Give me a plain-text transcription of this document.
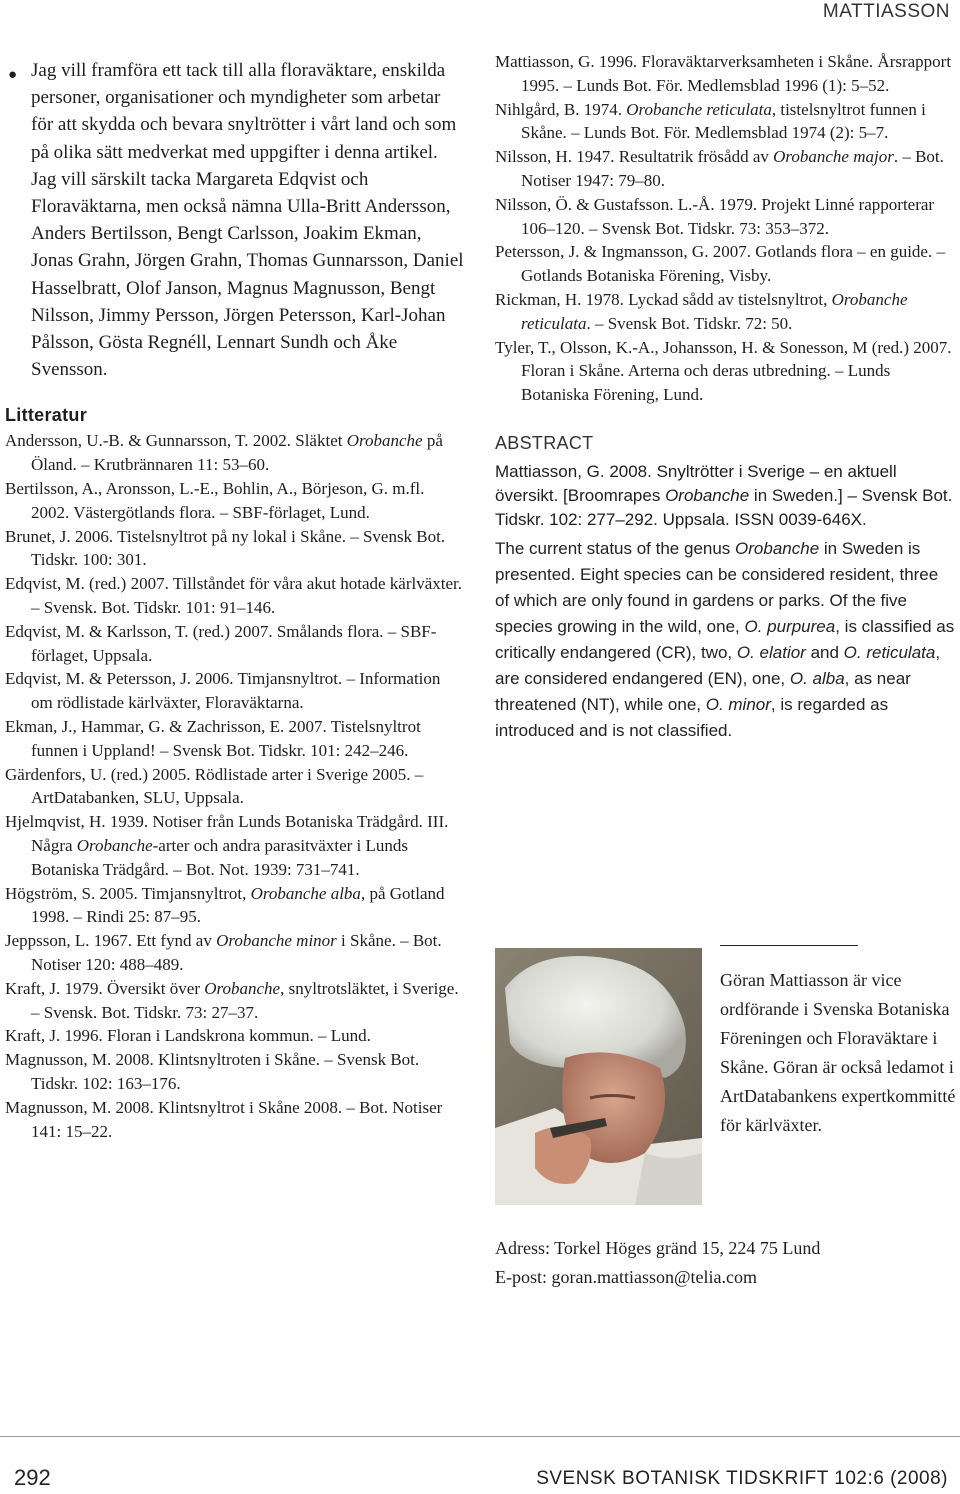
MATTIASSON
● Jag vill framföra ett tack till alla floraväktare, enskilda personer, organisationer och myndigheter som arbetar för att skydda och bevara snyltrötter i vårt land och som på olika sätt medverkat med uppgifter i denna artikel. Jag vill särskilt tacka Margareta Edqvist och Floraväktarna, men också nämna Ulla-Britt Andersson, Anders Bertilsson, Bengt Carlsson, Joakim Ekman, Jonas Grahn, Jörgen Grahn, Thomas Gunnarsson, Daniel Hasselbratt, Olof Janson, Magnus Magnusson, Bengt Nilsson, Jimmy Persson, Jörgen Petersson, Karl-Johan Pålsson, Gösta Regnéll, Lennart Sundh och Åke Svensson.
Litteratur
Andersson, U.-B. & Gunnarsson, T. 2002. Släktet Orobanche på Öland. – Krutbrännaren 11: 53–60.
Bertilsson, A., Aronsson, L.-E., Bohlin, A., Börjeson, G. m.fl. 2002. Västergötlands flora. – SBF-förlaget, Lund.
Brunet, J. 2006. Tistelsnyltrot på ny lokal i Skåne. – Svensk Bot. Tidskr. 100: 301.
Edqvist, M. (red.) 2007. Tillståndet för våra akut hotade kärlväxter. – Svensk. Bot. Tidskr. 101: 91–146.
Edqvist, M. & Karlsson, T. (red.) 2007. Smålands flora. – SBF-förlaget, Uppsala.
Edqvist, M. & Petersson, J. 2006. Timjansnyltrot. – Information om rödlistade kärlväxter, Floraväktarna.
Ekman, J., Hammar, G. & Zachrisson, E. 2007. Tistelsnyltrot funnen i Uppland! – Svensk Bot. Tidskr. 101: 242–246.
Gärdenfors, U. (red.) 2005. Rödlistade arter i Sverige 2005. – ArtDatabanken, SLU, Uppsala.
Hjelmqvist, H. 1939. Notiser från Lunds Botaniska Trädgård. III. Några Orobanche-arter och andra parasitväxter i Lunds Botaniska Trädgård. – Bot. Not. 1939: 731–741.
Högström, S. 2005. Timjansnyltrot, Orobanche alba, på Gotland 1998. – Rindi 25: 87–95.
Jeppsson, L. 1967. Ett fynd av Orobanche minor i Skåne. – Bot. Notiser 120: 488–489.
Kraft, J. 1979. Översikt över Orobanche, snyltrotsläktet, i Sverige. – Svensk. Bot. Tidskr. 73: 27–37.
Kraft, J. 1996. Floran i Landskrona kommun. – Lund.
Magnusson, M. 2008. Klintsnyltroten i Skåne. – Svensk Bot. Tidskr. 102: 163–176.
Magnusson, M. 2008. Klintsnyltrot i Skåne 2008. – Bot. Notiser 141: 15–22.
Mattiasson, G. 1996. Floraväktarverksamheten i Skåne. Årsrapport 1995. – Lunds Bot. För. Medlemsblad 1996 (1): 5–52.
Nihlgård, B. 1974. Orobanche reticulata, tistelsnyltrot funnen i Skåne. – Lunds Bot. För. Medlemsblad 1974 (2): 5–7.
Nilsson, H. 1947. Resultatrik frösådd av Orobanche major. – Bot. Notiser 1947: 79–80.
Nilsson, Ö. & Gustafsson. L.-Å. 1979. Projekt Linné rapporterar 106–120. – Svensk Bot. Tidskr. 73: 353–372.
Petersson, J. & Ingmansson, G. 2007. Gotlands flora – en guide. – Gotlands Botaniska Förening, Visby.
Rickman, H. 1978. Lyckad sådd av tistelsnyltrot, Orobanche reticulata. – Svensk Bot. Tidskr. 72: 50.
Tyler, T., Olsson, K.-A., Johansson, H. & Sonesson, M (red.) 2007. Floran i Skåne. Arterna och deras utbredning. – Lunds Botaniska Förening, Lund.
ABSTRACT
Mattiasson, G. 2008. Snyltrötter i Sverige – en aktuell översikt. [Broomrapes Orobanche in Sweden.] – Svensk Bot. Tidskr. 102: 277–292. Uppsala. ISSN 0039-646X.
The current status of the genus Orobanche in Sweden is presented. Eight species can be considered resident, three of which are only found in gardens or parks. Of the five species growing in the wild, one, O. purpurea, is classified as critically endangered (CR), two, O. elatior and O. reticulata, are considered endangered (EN), one, O. alba, as near threatened (NT), while one, O. minor, is regarded as introduced and is not classified.
Göran Mattiasson är vice ordförande i Svenska Botaniska Föreningen och Floraväktare i Skåne. Göran är också ledamot i ArtDatabankens expertkommitté för kärlväxter.
Adress: Torkel Höges gränd 15, 224 75 Lund
E-post: goran.mattiasson@telia.com
292	SVENSK BOTANISK TIDSKRIFT 102:6 (2008)
